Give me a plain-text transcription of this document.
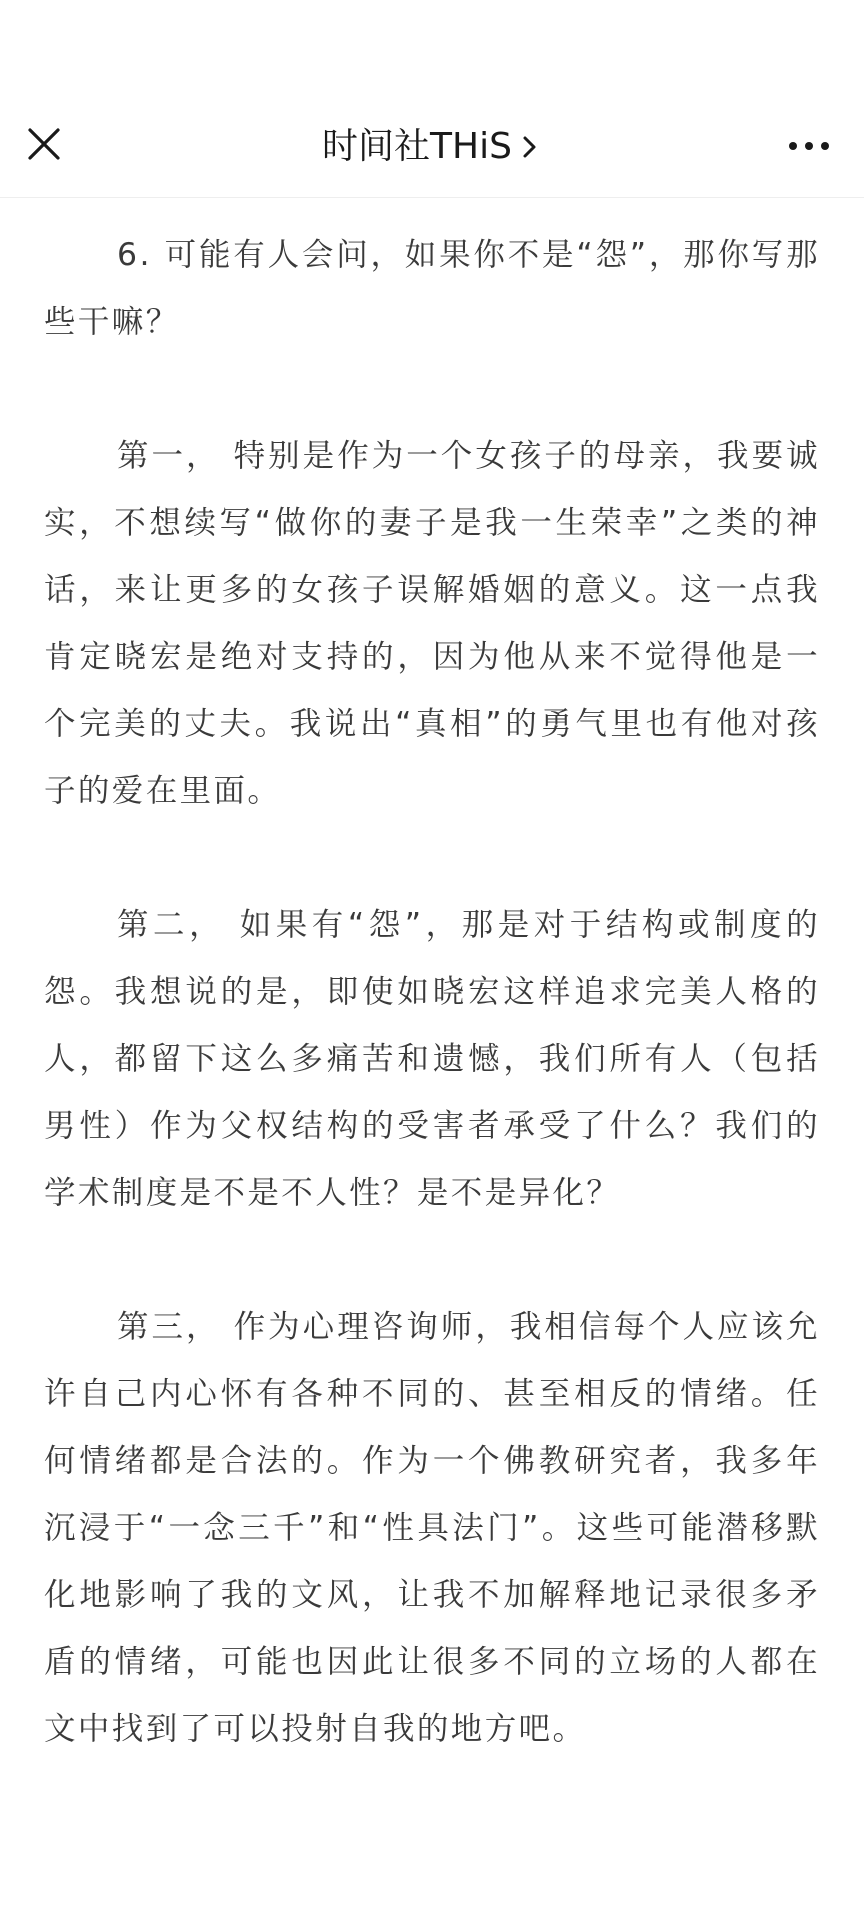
时间社THiS

6. 可能有人会问，如果你不是“怨”，那你写那些干嘛？

第一， 特别是作为一个女孩子的母亲，我要诚实，不想续写“做你的妻子是我一生荣幸”之类的神话，来让更多的女孩子误解婚姻的意义。这一点我肯定晓宏是绝对支持的，因为他从来不觉得他是一个完美的丈夫。我说出“真相”的勇气里也有他对孩子的爱在里面。

第二， 如果有“怨”，那是对于结构或制度的怨。我想说的是，即使如晓宏这样追求完美人格的人，都留下这么多痛苦和遗憾，我们所有人（包括男性）作为父权结构的受害者承受了什么？我们的学术制度是不是不人性？是不是异化？

第三， 作为心理咨询师，我相信每个人应该允许自己内心怀有各种不同的、甚至相反的情绪。任何情绪都是合法的。作为一个佛教研究者，我多年沉浸于“一念三千”和“性具法门”。这些可能潜移默化地影响了我的文风，让我不加解释地记录很多矛盾的情绪，可能也因此让很多不同的立场的人都在文中找到了可以投射自我的地方吧。
